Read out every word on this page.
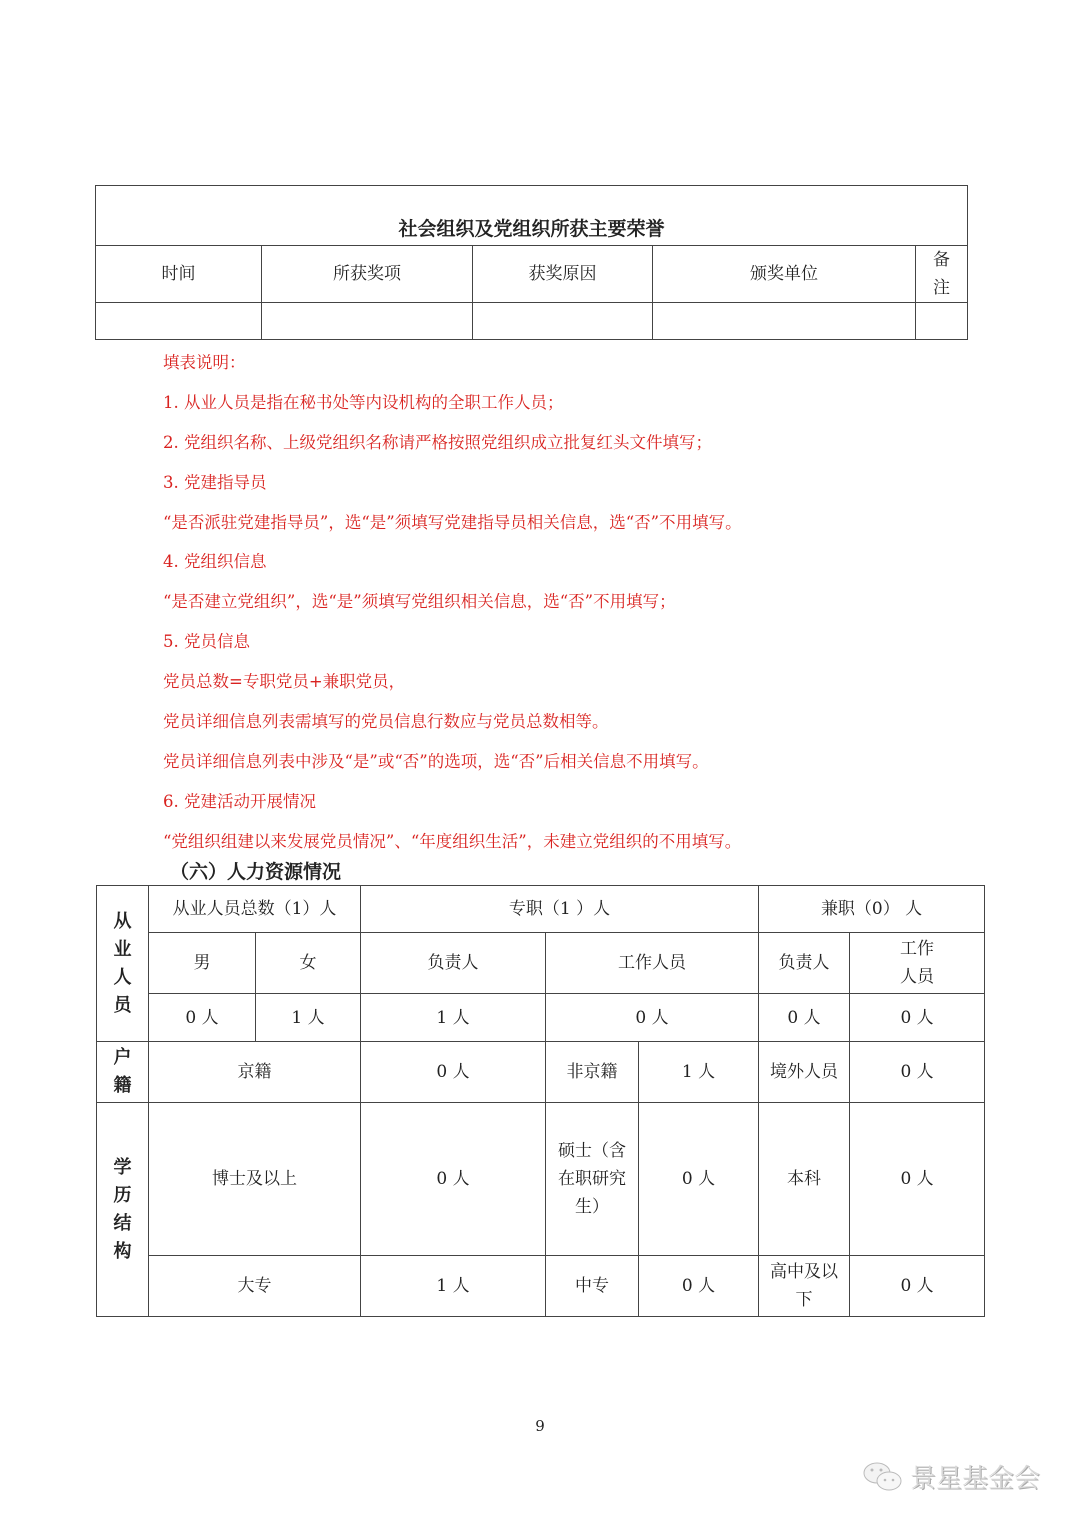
社会组织及党组织所获主要荣誉				
时间	所获奖项	获奖原因	颁奖单位	备注

填表说明：
1. 从业人员是指在秘书处等内设机构的全职工作人员；
2. 党组织名称、上级党组织名称请严格按照党组织成立批复红头文件填写；
3. 党建指导员
“是否派驻党建指导员”，选“是”须填写党建指导员相关信息，选“否”不用填写。
4. 党组织信息
“是否建立党组织”，选“是”须填写党组织相关信息，选“否”不用填写；
5. 党员信息
党员总数=专职党员+兼职党员，
党员详细信息列表需填写的党员信息行数应与党员总数相等。
党员详细信息列表中涉及“是”或“否”的选项，选“否”后相关信息不用填写。
6. 党建活动开展情况
“党组织组建以来发展党员情况”、“年度组织生活”，未建立党组织的不用填写。
（六）人力资源情况
从业人员	从业人员总数（1）人		专职（1 ）人			兼职（0） 人	
	男	女	负责人	工作人员		负责人	工作人员
	0 人	1 人	1 人	0 人		0 人	0 人
户籍	京籍		0 人	非京籍	1 人	境外人员	0 人
学历结构	博士及以上		0 人	硕士（含在职研究生）	0 人	本科	0 人
	大专		1 人	中专	0 人	高中及以下	0 人
9
景星基金会
